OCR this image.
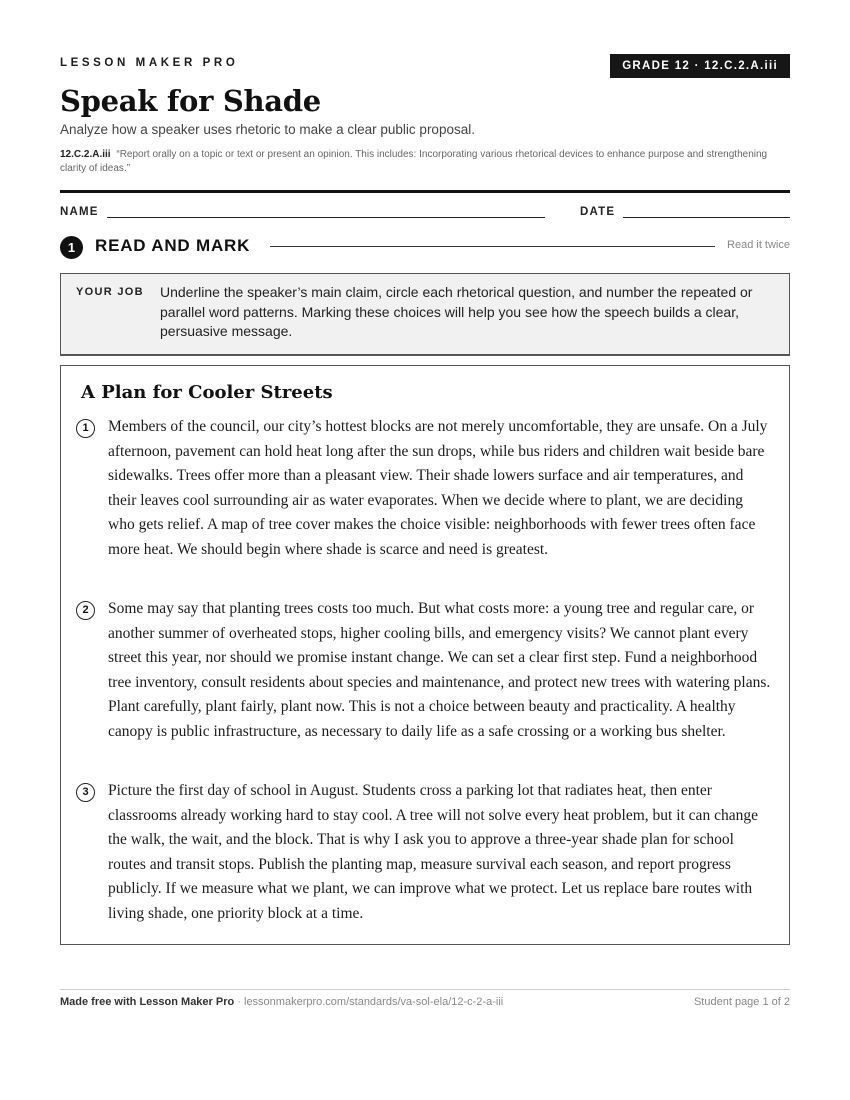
LESSON MAKER PRO	GRADE 12 · 12.C.2.A.iii
Speak for Shade
Analyze how a speaker uses rhetoric to make a clear public proposal.
12.C.2.A.iii “Report orally on a topic or text or present an opinion. This includes: Incorporating various rhetorical devices to enhance purpose and strengthening clarity of ideas.”
NAME	DATE
1	READ AND MARK	Read it twice
YOUR JOB Underline the speaker’s main claim, circle each rhetorical question, and number the repeated or parallel word patterns. Marking these choices will help you see how the speech builds a clear, persuasive message.
A Plan for Cooler Streets
1	Members of the council, our city’s hottest blocks are not merely uncomfortable, they are unsafe. On a July afternoon, pavement can hold heat long after the sun drops, while bus riders and children wait beside bare sidewalks. Trees offer more than a pleasant view. Their shade lowers surface and air temperatures, and their leaves cool surrounding air as water evaporates. When we decide where to plant, we are deciding who gets relief. A map of tree cover makes the choice visible: neighborhoods with fewer trees often face more heat. We should begin where shade is scarce and need is greatest.

2	Some may say that planting trees costs too much. But what costs more: a young tree and regular care, or another summer of overheated stops, higher cooling bills, and emergency visits? We cannot plant every street this year, nor should we promise instant change. We can set a clear first step. Fund a neighborhood tree inventory, consult residents about species and maintenance, and protect new trees with watering plans. Plant carefully, plant fairly, plant now. This is not a choice between beauty and practicality. A healthy canopy is public infrastructure, as necessary to daily life as a safe crossing or a working bus shelter.

3	Picture the first day of school in August. Students cross a parking lot that radiates heat, then enter classrooms already working hard to stay cool. A tree will not solve every heat problem, but it can change the walk, the wait, and the block. That is why I ask you to approve a three-year shade plan for school routes and transit stops. Publish the planting map, measure survival each season, and report progress publicly. If we measure what we plant, we can improve what we protect. Let us replace bare routes with living shade, one priority block at a time.

Made free with Lesson Maker Pro · lessonmakerpro.com/standards/va-sol-ela/12-c-2-a-iii	Student page 1 of 2
